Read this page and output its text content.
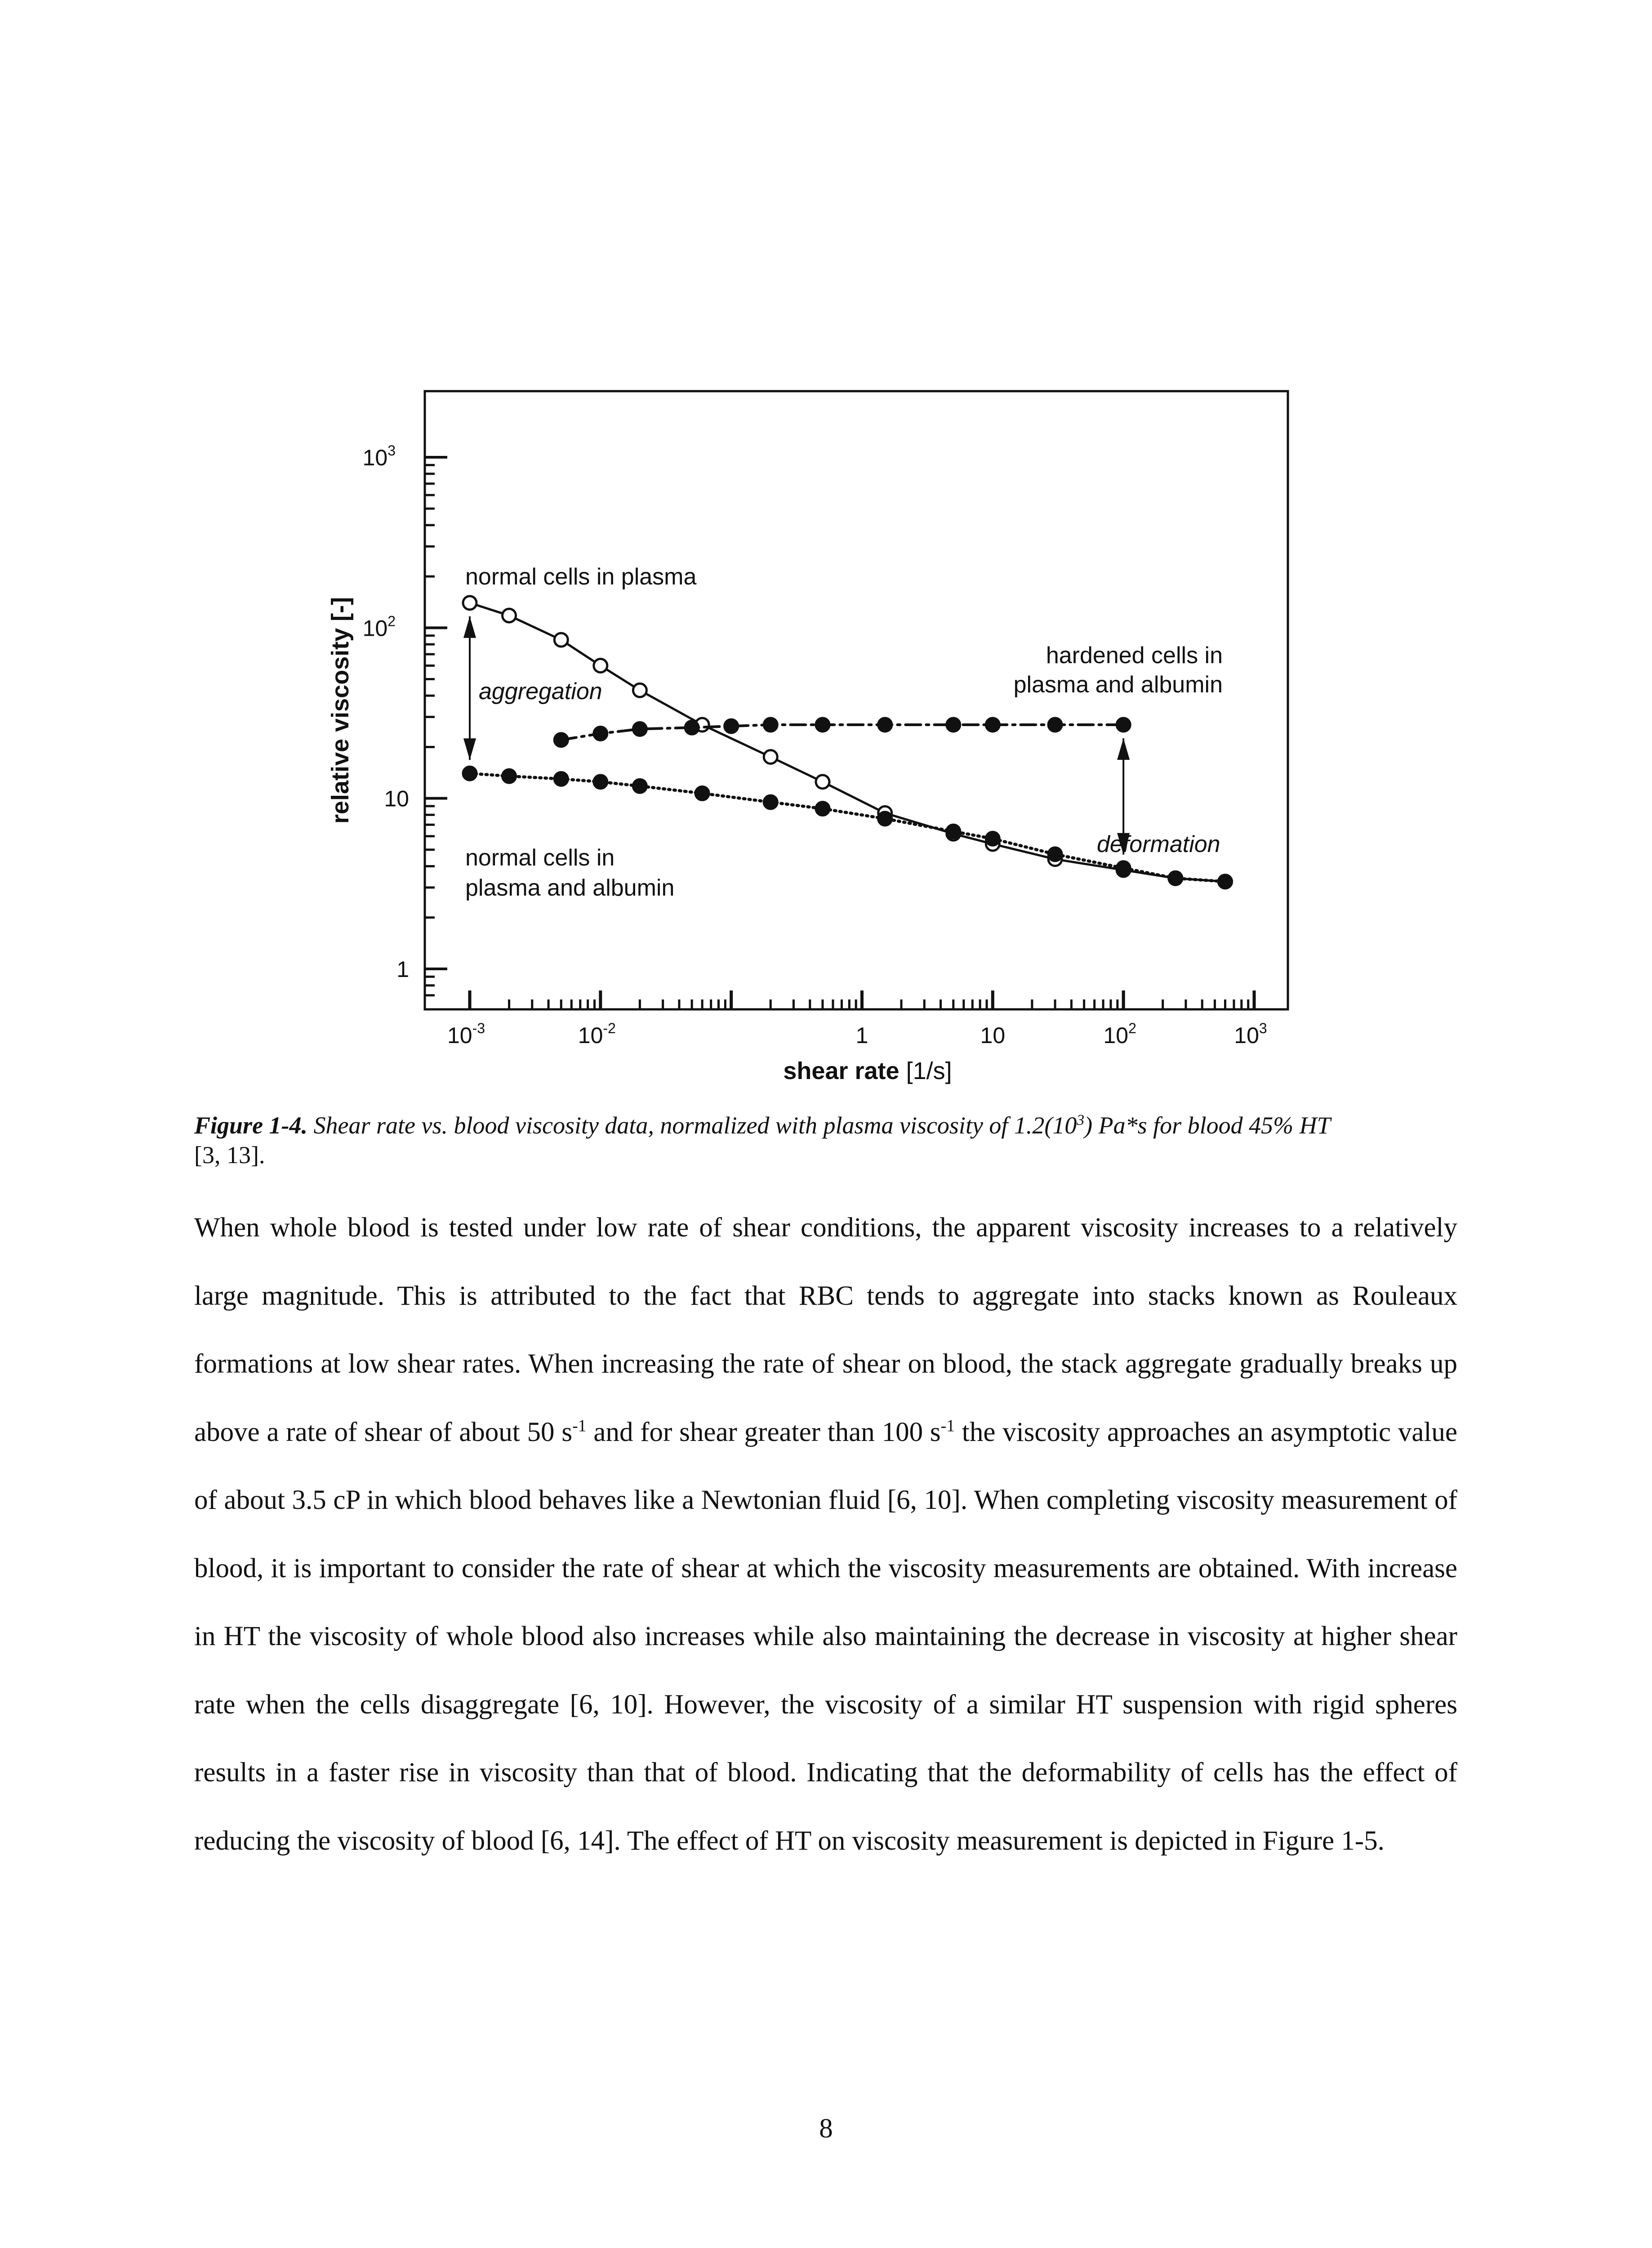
$10^{-3}$	$10^{-2}$	1	10	$10^2$	$10^3$
1
10
$10^2$
$10^3$
shear rate [1/s]
relative viscosity [-]
normal cells in plasma
aggregation
hardened cells in
plasma and albumin
normal cells in
plasma and albumin
deformation
Figure 1-4. Shear rate vs. blood viscosity data, normalized with plasma viscosity of $1.2(10^3)$ Pa*s for blood 45% HT
[3, 13].
When whole blood is tested under low rate of shear conditions, the apparent viscosity increases to a relatively large magnitude. This is attributed to the fact that RBC tends to aggregate into stacks known as Rouleaux formations at low shear rates. When increasing the rate of shear on blood, the stack aggregate gradually breaks up above a rate of shear of about 50 $s^{-1}$ and for shear greater than 100 $s^{-1}$ the viscosity approaches an asymptotic value of about 3.5 cP in which blood behaves like a Newtonian fluid [6, 10]. When completing viscosity measurement of blood, it is important to consider the rate of shear at which the viscosity measurements are obtained. With increase in HT the viscosity of whole blood also increases while also maintaining the decrease in viscosity at higher shear rate when the cells disaggregate [6, 10]. However, the viscosity of a similar HT suspension with rigid spheres results in a faster rise in viscosity than that of blood. Indicating that the deformability of cells has the effect of reducing the viscosity of blood [6, 14]. The effect of HT on viscosity measurement is depicted in Figure 1-5.
8
